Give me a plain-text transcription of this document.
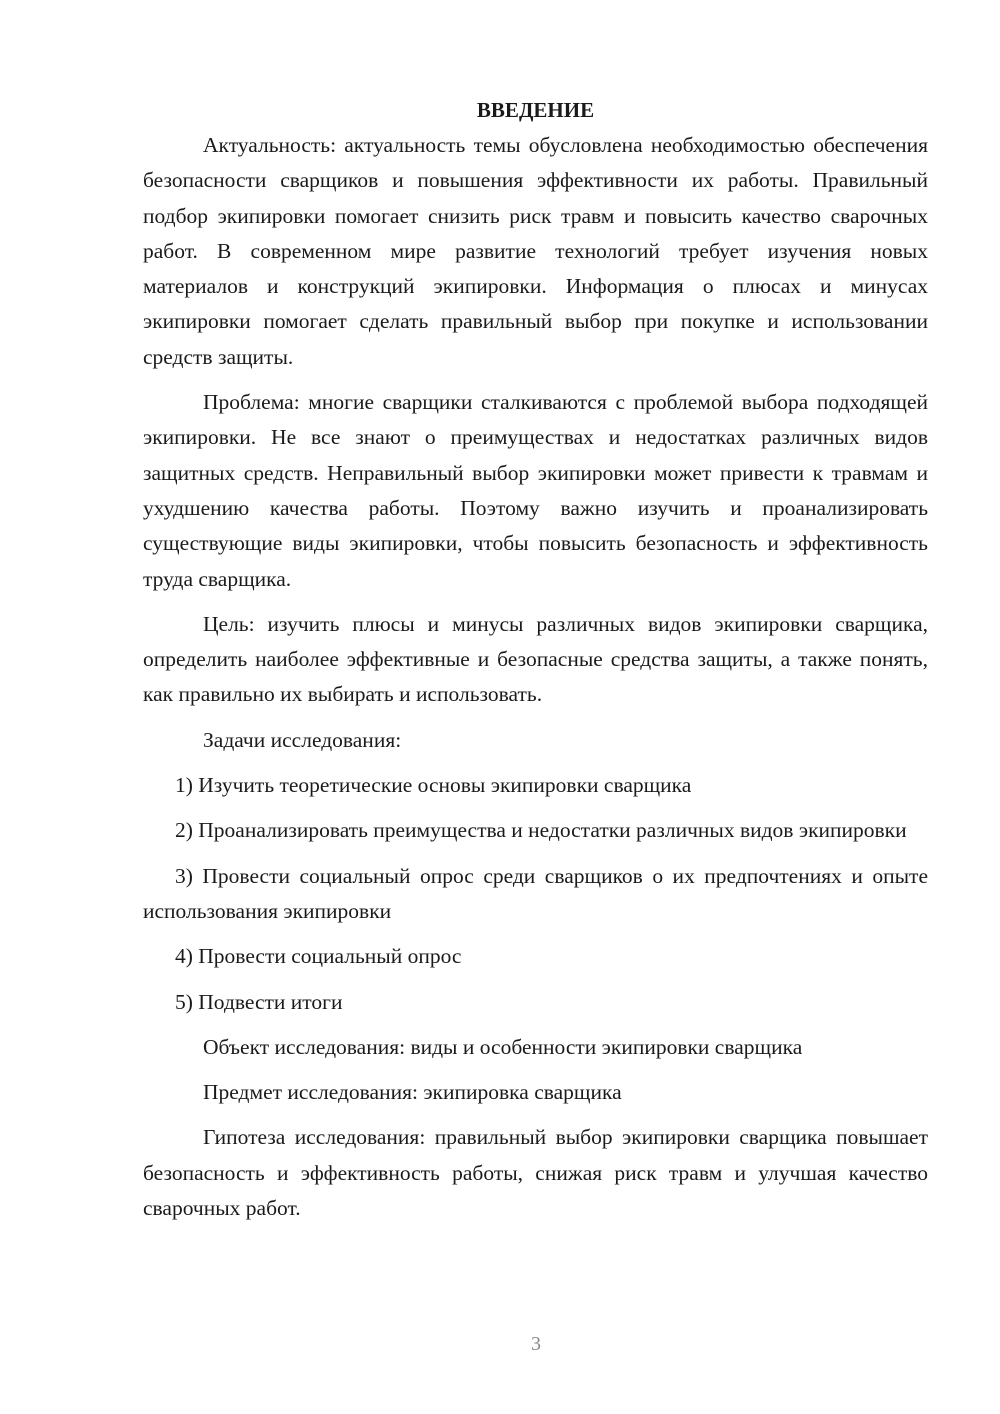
ВВЕДЕНИЕ

Актуальность: актуальность темы обусловлена необходимостью обеспечения безопасности сварщиков и повышения эффективности их работы. Правильный подбор экипировки помогает снизить риск травм и повысить качество сварочных работ. В современном мире развитие технологий требует изучения новых материалов и конструкций экипировки. Информация о плюсах и минусах экипировки помогает сделать правильный выбор при покупке и использовании средств защиты.

Проблема: многие сварщики сталкиваются с проблемой выбора подходящей экипировки. Не все знают о преимуществах и недостатках различных видов защитных средств. Неправильный выбор экипировки может привести к травмам и ухудшению качества работы. Поэтому важно изучить и проанализировать существующие виды экипировки, чтобы повысить безопасность и эффективность труда сварщика.

Цель: изучить плюсы и минусы различных видов экипировки сварщика, определить наиболее эффективные и безопасные средства защиты, а также понять, как правильно их выбирать и использовать.

Задачи исследования:

1) Изучить теоретические основы экипировки сварщика

2) Проанализировать преимущества и недостатки различных видов экипировки

3) Провести социальный опрос среди сварщиков о их предпочтениях и опыте использования экипировки

4) Провести социальный опрос

5) Подвести итоги

Объект исследования: виды и особенности экипировки сварщика

Предмет исследования: экипировка сварщика

Гипотеза исследования: правильный выбор экипировки сварщика повышает безопасность и эффективность работы, снижая риск травм и улучшая качество сварочных работ.

3
